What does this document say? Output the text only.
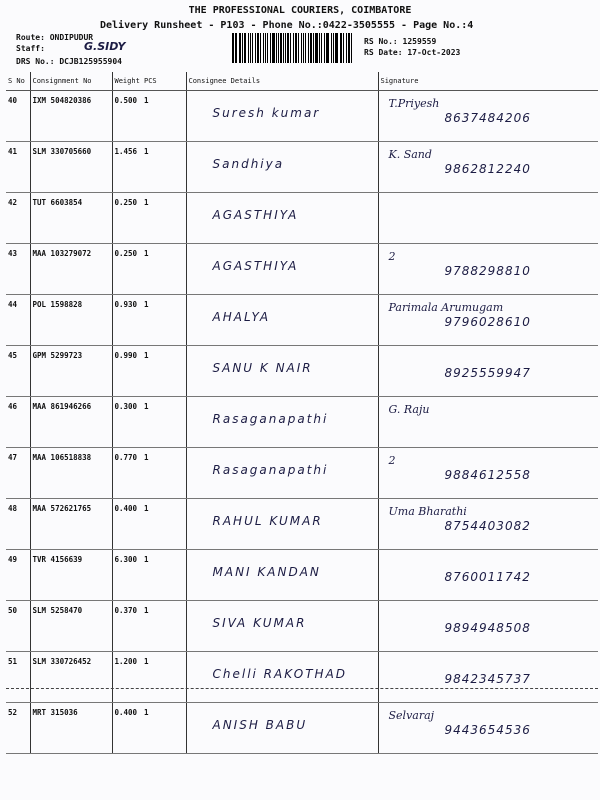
THE PROFESSIONAL COURIERS, COIMBATORE
Delivery Runsheet - P103 - Phone No.:0422-3505555 - Page No.:4
Route: ONDIPUDUR
Staff:	G.SIDY
DRS No.: DCJB125955904
RS No.: 1259559
RS Date: 17-Oct-2023
S No	Consignment No	Weight	PCS	Consignee Details	Signature
40	IXM 504820386	0.500	1	Suresh kumar	T.Priyesh
8637484206

41	SLM 330705660	1.456	1	Sandhiya	K. Sand
9862812240

42	TUT 6603854	0.250	1	AGASTHIYA	

43	MAA 103279072	0.250	1	AGASTHIYA	2
9788298810

44	POL 1598828	0.930	1	AHALYA	Parimala Arumugam
9796028610

45	GPM 5299723	0.990	1	SANU K NAIR	8925559947

46	MAA 861946266	0.300	1	Rasaganapathi	G. Raju

47	MAA 106518838	0.770	1	Rasaganapathi	2
9884612558

48	MAA 572621765	0.400	1	RAHUL KUMAR	Uma Bharathi
8754403082

49	TVR 4156639	6.300	1	MANI KANDAN	8760011742

50	SLM 5258470	0.370	1	SIVA KUMAR	9894948508

51	SLM 330726452	1.200	1	Chelli RAKOTHAD	9842345737

52	MRT 315036	0.400	1	ANISH BABU	Selvaraj
9443654536
